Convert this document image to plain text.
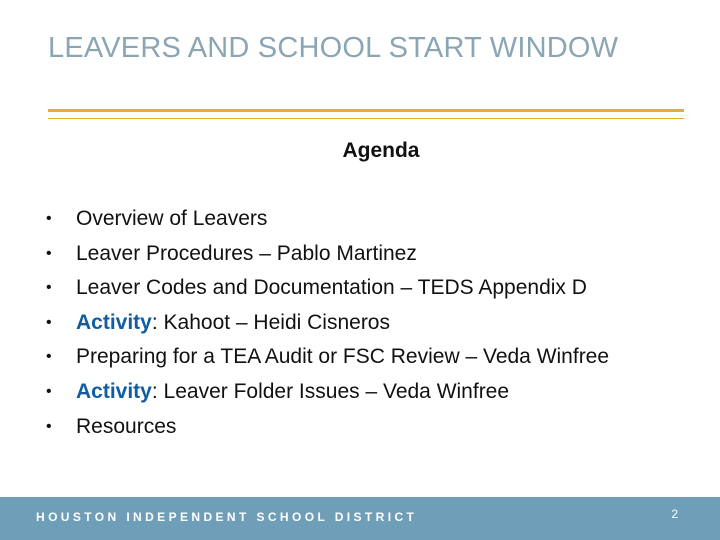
LEAVERS AND SCHOOL START WINDOW
Agenda
• Overview of Leavers
• Leaver Procedures – Pablo Martinez
• Leaver Codes and Documentation – TEDS Appendix D
• Activity: Kahoot – Heidi Cisneros
• Preparing for a TEA Audit or FSC Review – Veda Winfree
• Activity: Leaver Folder Issues – Veda Winfree
• Resources
HOUSTON INDEPENDENT SCHOOL DISTRICT	2
